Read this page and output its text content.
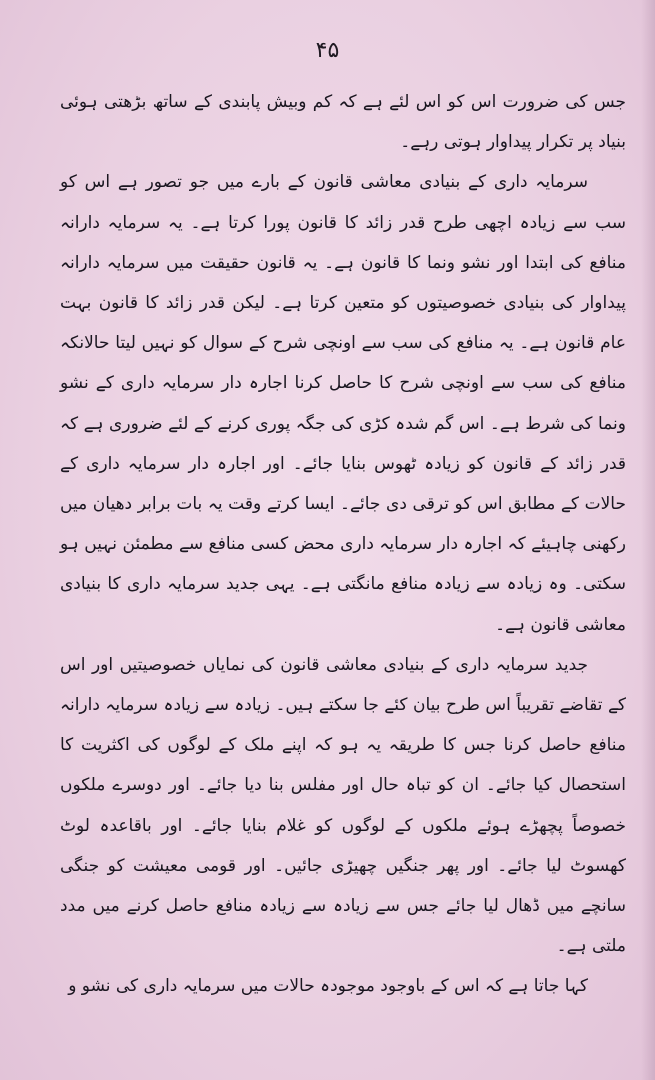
۴۵

جس کی ضرورت اس کو اس لئے ہے کہ کم وبیش پابندی کے ساتھ بڑھتی ہوئی بنیاد پر تکرار پیداوار ہوتی رہے۔

سرمایہ داری کے بنیادی معاشی قانون کے بارے میں جو تصور ہے اس کو سب سے زیادہ اچھی طرح قدر زائد کا قانون پورا کرتا ہے۔ یہ سرمایہ دارانہ منافع کی ابتدا اور نشو ونما کا قانون ہے۔ یہ قانون حقیقت میں سرمایہ دارانہ پیداوار کی بنیادی خصوصیتوں کو متعین کرتا ہے۔ لیکن قدر زائد کا قانون بہت عام قانون ہے۔ یہ منافع کی سب سے اونچی شرح کے سوال کو نہیں لیتا حالانکہ منافع کی سب سے اونچی شرح کا حاصل کرنا اجارہ دار سرمایہ داری کے نشو ونما کی شرط ہے۔ اس گم شدہ کڑی کی جگہ پوری کرنے کے لئے ضروری ہے کہ قدر زائد کے قانون کو زیادہ ٹھوس بنایا جائے۔ اور اجارہ دار سرمایہ داری کے حالات کے مطابق اس کو ترقی دی جائے۔ ایسا کرتے وقت یہ بات برابر دھیان میں رکھنی چاہیئے کہ اجارہ دار سرمایہ داری محض کسی منافع سے مطمئن نہیں ہو سکتی۔ وہ زیادہ سے زیادہ منافع مانگتی ہے۔ یہی جدید سرمایہ داری کا بنیادی معاشی قانون ہے۔

جدید سرمایہ داری کے بنیادی معاشی قانون کی نمایاں خصوصیتیں اور اس کے تقاضے تقریباً اس طرح بیان کئے جا سکتے ہیں۔ زیادہ سے زیادہ سرمایہ دارانہ منافع حاصل کرنا جس کا طریقہ یہ ہو کہ اپنے ملک کے لوگوں کی اکثریت کا استحصال کیا جائے۔ ان کو تباہ حال اور مفلس بنا دیا جائے۔ اور دوسرے ملکوں خصوصاً پچھڑے ہوئے ملکوں کے لوگوں کو غلام بنایا جائے۔ اور باقاعدہ لوٹ کھسوٹ لیا جائے۔ اور پھر جنگیں چھیڑی جائیں۔ اور قومی معیشت کو جنگی سانچے میں ڈھال لیا جائے جس سے زیادہ سے زیادہ منافع حاصل کرنے میں مدد ملتی ہے۔

کہا جاتا ہے کہ اس کے باوجود موجودہ حالات میں سرمایہ داری کی نشو و
